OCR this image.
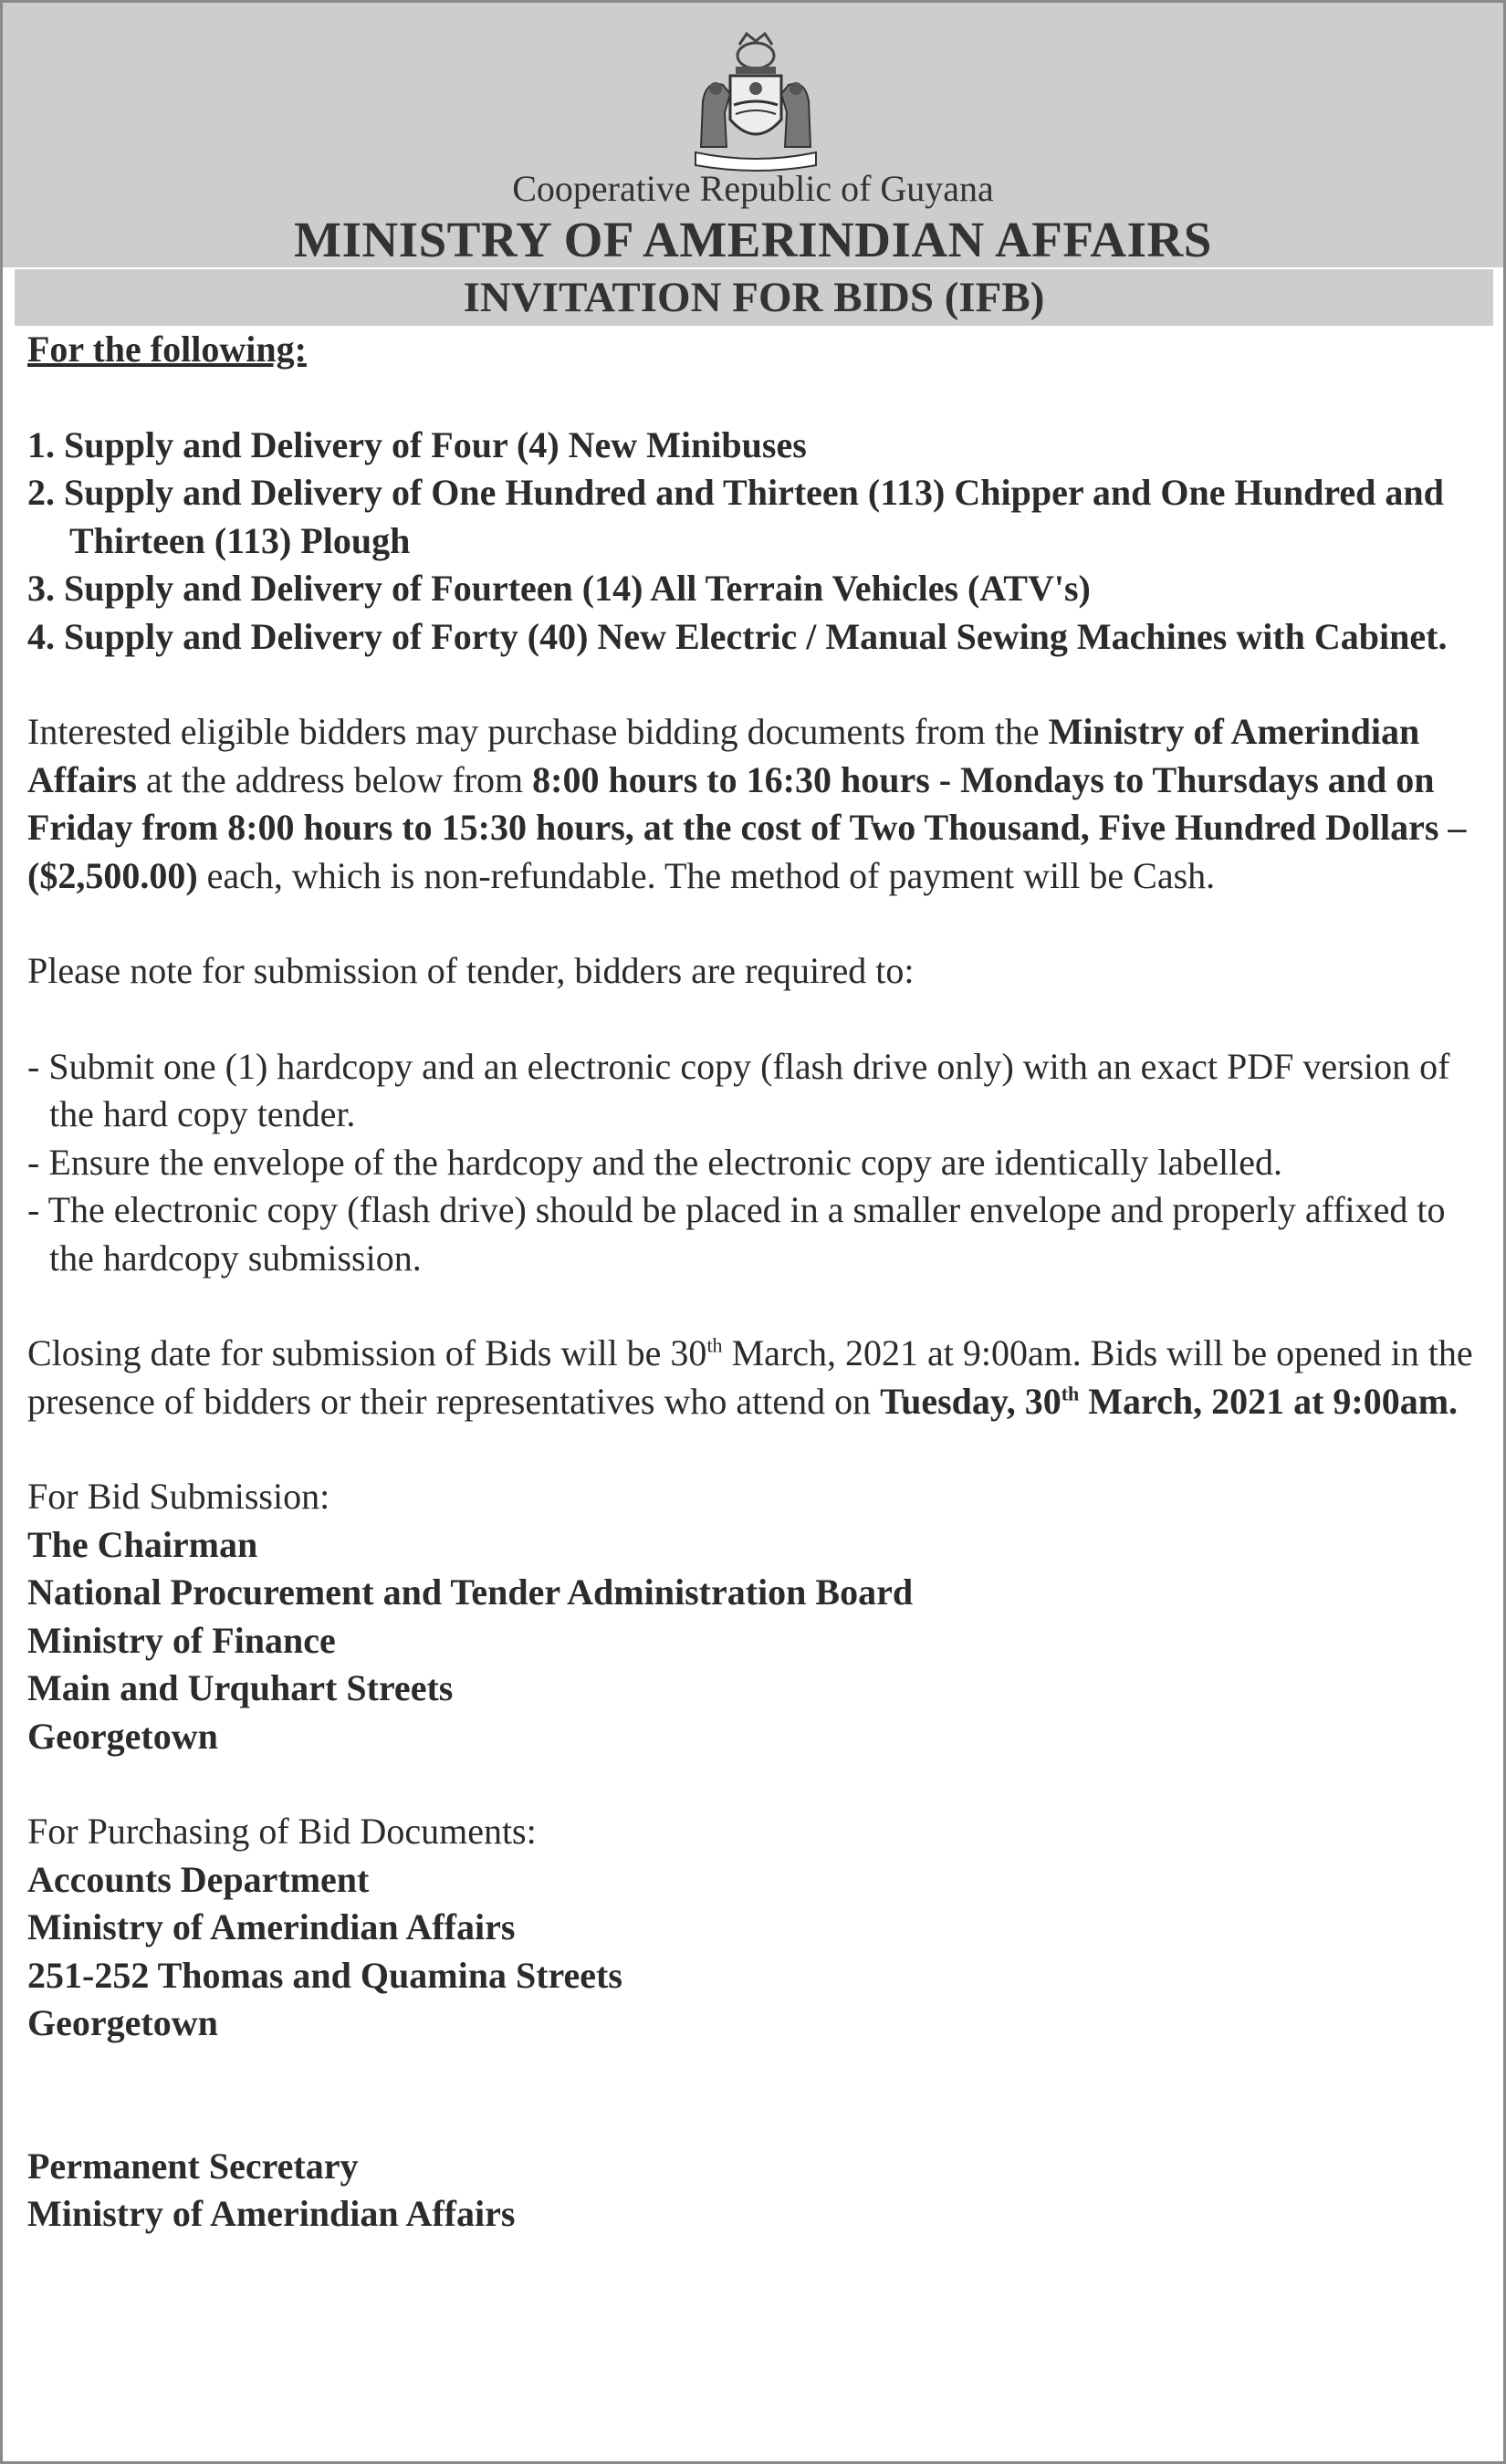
Cooperative Republic of Guyana
MINISTRY OF AMERINDIAN AFFAIRS
INVITATION FOR BIDS (IFB)

For the following:

1. Supply and Delivery of Four (4) New Minibuses
2. Supply and Delivery of One Hundred and Thirteen (113) Chipper and One Hundred and Thirteen (113) Plough
3. Supply and Delivery of Fourteen (14) All Terrain Vehicles (ATV's)
4. Supply and Delivery of Forty (40) New Electric / Manual Sewing Machines with Cabinet.

Interested eligible bidders may purchase bidding documents from the Ministry of Amerindian Affairs at the address below from 8:00 hours to 16:30 hours - Mondays to Thursdays and on Friday from 8:00 hours to 15:30 hours, at the cost of Two Thousand, Five Hundred Dollars – ($2,500.00) each, which is non-refundable. The method of payment will be Cash.

Please note for submission of tender, bidders are required to:

- Submit one (1) hardcopy and an electronic copy (flash drive only) with an exact PDF version of the hard copy tender.
- Ensure the envelope of the hardcopy and the electronic copy are identically labelled.
- The electronic copy (flash drive) should be placed in a smaller envelope and properly affixed to the hardcopy submission.

Closing date for submission of Bids will be 30th March, 2021 at 9:00am. Bids will be opened in the presence of bidders or their representatives who attend on Tuesday, 30th March, 2021 at 9:00am.

For Bid Submission:

The Chairman

National Procurement and Tender Administration Board

Ministry of Finance

Main and Urquhart Streets

Georgetown

For Purchasing of Bid Documents:

Accounts Department

Ministry of Amerindian Affairs

251-252 Thomas and Quamina Streets

Georgetown

Permanent Secretary

Ministry of Amerindian Affairs
